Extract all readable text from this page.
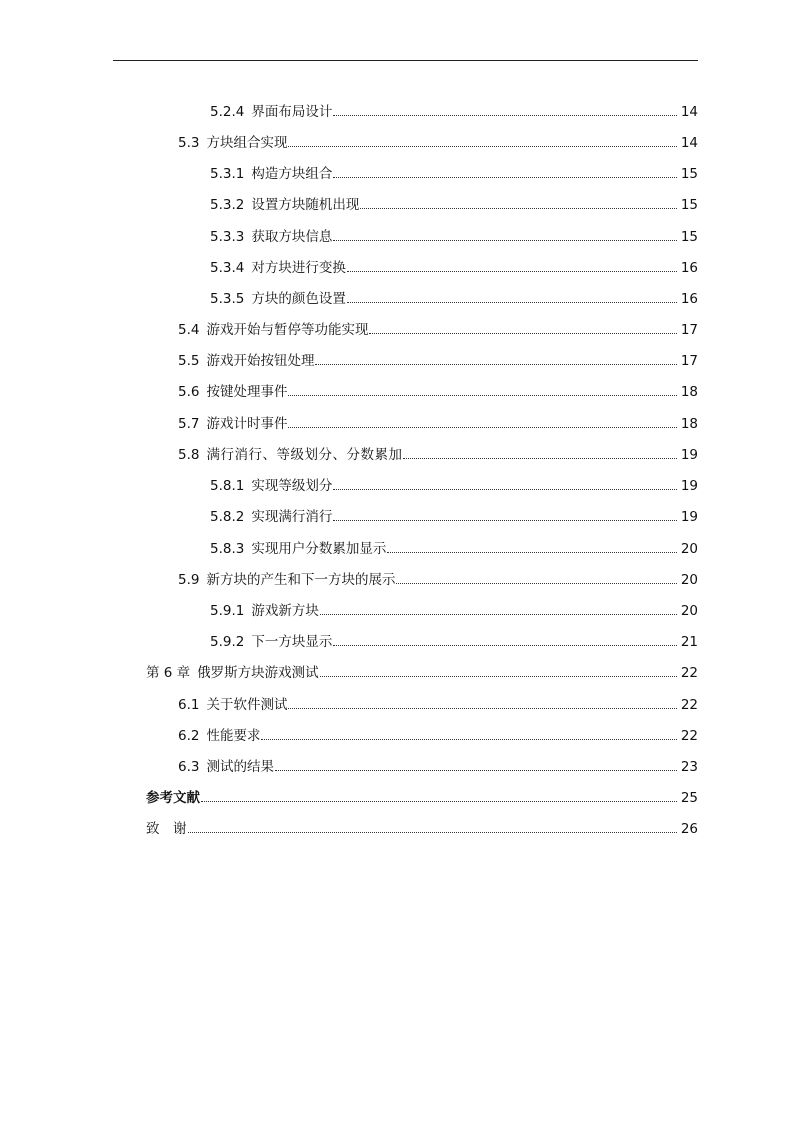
5.2.4 界面布局设计	14
5.3 方块组合实现	14
5.3.1 构造方块组合	15
5.3.2 设置方块随机出现	15
5.3.3 获取方块信息	15
5.3.4 对方块进行变换	16
5.3.5 方块的颜色设置	16
5.4 游戏开始与暂停等功能实现	17
5.5 游戏开始按钮处理	17
5.6 按键处理事件	18
5.7 游戏计时事件	18
5.8 满行消行、等级划分、分数累加	19
5.8.1 实现等级划分	19
5.8.2 实现满行消行	19
5.8.3 实现用户分数累加显示	20
5.9 新方块的产生和下一方块的展示	20
5.9.1 游戏新方块	20
5.9.2 下一方块显示	21
第 6 章 俄罗斯方块游戏测试	22
6.1 关于软件测试	22
6.2 性能要求	22
6.3 测试的结果	23
参考文献	25
致　谢	26
